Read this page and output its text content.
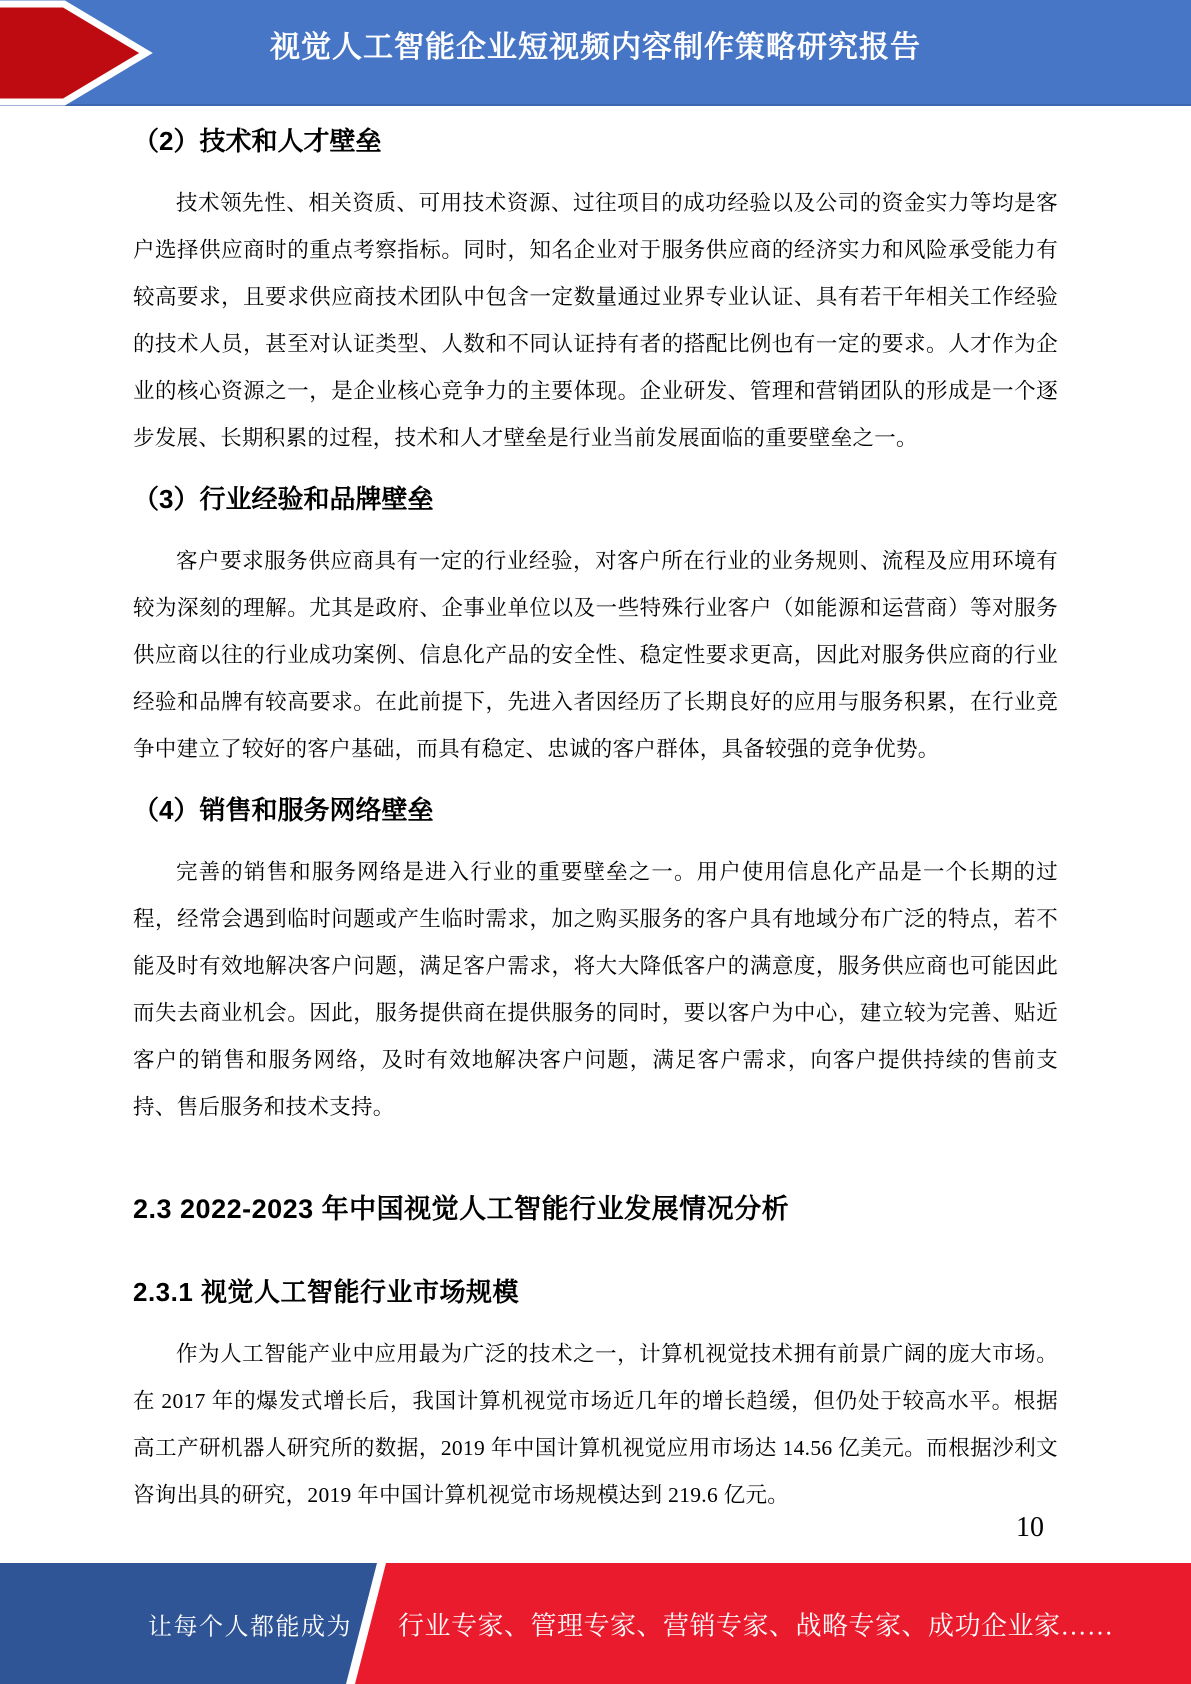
视觉人工智能企业短视频内容制作策略研究报告
（2）技术和人才壁垒

技术领先性、相关资质、可用技术资源、过往项目的成功经验以及公司的资金实力等均是客户选择供应商时的重点考察指标。同时，知名企业对于服务供应商的经济实力和风险承受能力有较高要求，且要求供应商技术团队中包含一定数量通过业界专业认证、具有若干年相关工作经验的技术人员，甚至对认证类型、人数和不同认证持有者的搭配比例也有一定的要求。人才作为企业的核心资源之一，是企业核心竞争力的主要体现。企业研发、管理和营销团队的形成是一个逐步发展、长期积累的过程，技术和人才壁垒是行业当前发展面临的重要壁垒之一。

（3）行业经验和品牌壁垒

客户要求服务供应商具有一定的行业经验，对客户所在行业的业务规则、流程及应用环境有较为深刻的理解。尤其是政府、企事业单位以及一些特殊行业客户（如能源和运营商）等对服务供应商以往的行业成功案例、信息化产品的安全性、稳定性要求更高，因此对服务供应商的行业经验和品牌有较高要求。在此前提下，先进入者因经历了长期良好的应用与服务积累，在行业竞争中建立了较好的客户基础，而具有稳定、忠诚的客户群体，具备较强的竞争优势。

（4）销售和服务网络壁垒

完善的销售和服务网络是进入行业的重要壁垒之一。用户使用信息化产品是一个长期的过程，经常会遇到临时问题或产生临时需求，加之购买服务的客户具有地域分布广泛的特点，若不能及时有效地解决客户问题，满足客户需求，将大大降低客户的满意度，服务供应商也可能因此而失去商业机会。因此，服务提供商在提供服务的同时，要以客户为中心，建立较为完善、贴近客户的销售和服务网络，及时有效地解决客户问题，满足客户需求，向客户提供持续的售前支持、售后服务和技术支持。

2.3 2022-2023 年中国视觉人工智能行业发展情况分析
2.3.1 视觉人工智能行业市场规模

作为人工智能产业中应用最为广泛的技术之一，计算机视觉技术拥有前景广阔的庞大市场。在 2017 年的爆发式增长后，我国计算机视觉市场近几年的增长趋缓，但仍处于较高水平。根据高工产研机器人研究所的数据，2019 年中国计算机视觉应用市场达 14.56 亿美元。而根据沙利文咨询出具的研究，2019 年中国计算机视觉市场规模达到 219.6 亿元。

10
让每个人都能成为 行业专家、管理专家、营销专家、战略专家、成功企业家……
